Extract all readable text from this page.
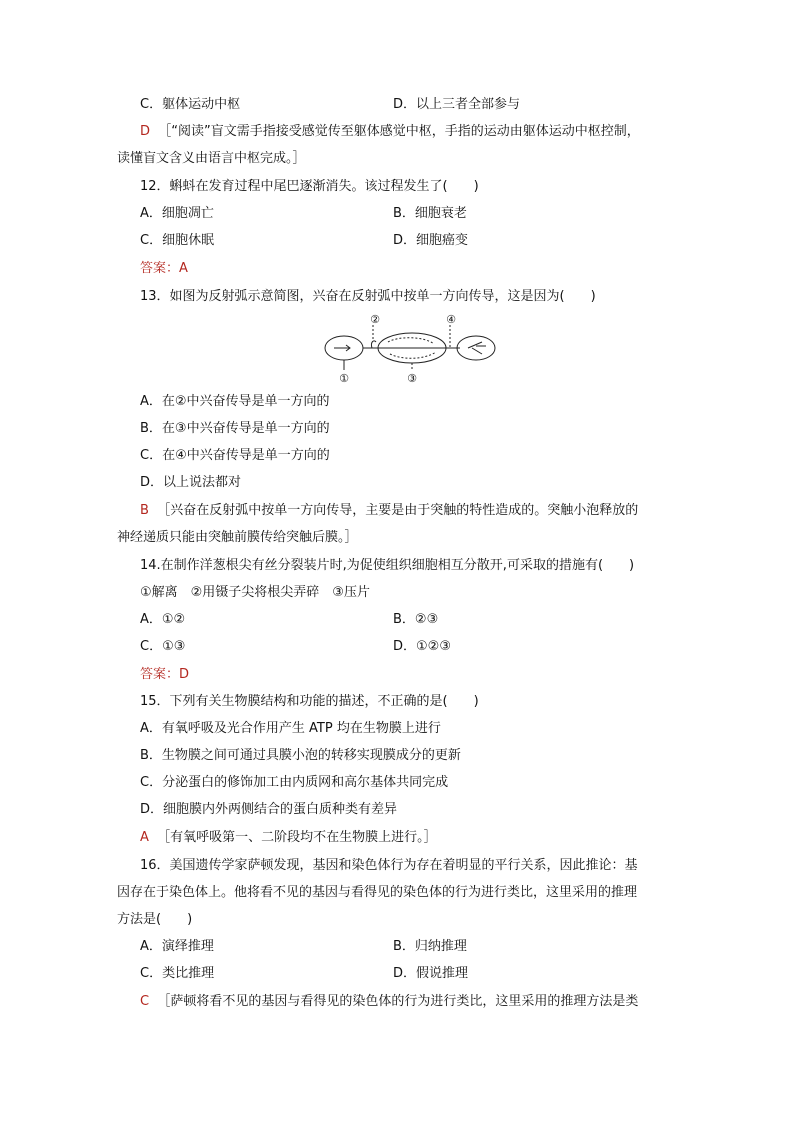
C．躯体运动中枢	D．以上三者全部参与
D ［“阅读”盲文需手指接受感觉传至躯体感觉中枢，手指的运动由躯体运动中枢控制，
读懂盲文含义由语言中枢完成。］
12．蝌蚪在发育过程中尾巴逐渐消失。该过程发生了(　　)
A．细胞凋亡	B．细胞衰老
C．细胞休眠	D．细胞癌变
答案：A
13．如图为反射弧示意简图，兴奋在反射弧中按单一方向传导，这是因为(　　)
②	④
①	③
A．在②中兴奋传导是单一方向的
B．在③中兴奋传导是单一方向的
C．在④中兴奋传导是单一方向的
D．以上说法都对
B ［兴奋在反射弧中按单一方向传导，主要是由于突触的特性造成的。突触小泡释放的
神经递质只能由突触前膜传给突触后膜。］
14.在制作洋葱根尖有丝分裂装片时,为促使组织细胞相互分散开,可采取的措施有(　　)
①解离　②用镊子尖将根尖弄碎　③压片
A．①②	B．②③
C．①③	D．①②③
答案：D
15．下列有关生物膜结构和功能的描述，不正确的是(　　)
A．有氧呼吸及光合作用产生 ATP 均在生物膜上进行
B．生物膜之间可通过具膜小泡的转移实现膜成分的更新
C．分泌蛋白的修饰加工由内质网和高尔基体共同完成
D．细胞膜内外两侧结合的蛋白质种类有差异
A ［有氧呼吸第一、二阶段均不在生物膜上进行。］
16．美国遗传学家萨顿发现，基因和染色体行为存在着明显的平行关系，因此推论：基
因存在于染色体上。他将看不见的基因与看得见的染色体的行为进行类比，这里采用的推理
方法是(　　)
A．演绎推理	B．归纳推理
C．类比推理	D．假说推理
C ［萨顿将看不见的基因与看得见的染色体的行为进行类比，这里采用的推理方法是类
